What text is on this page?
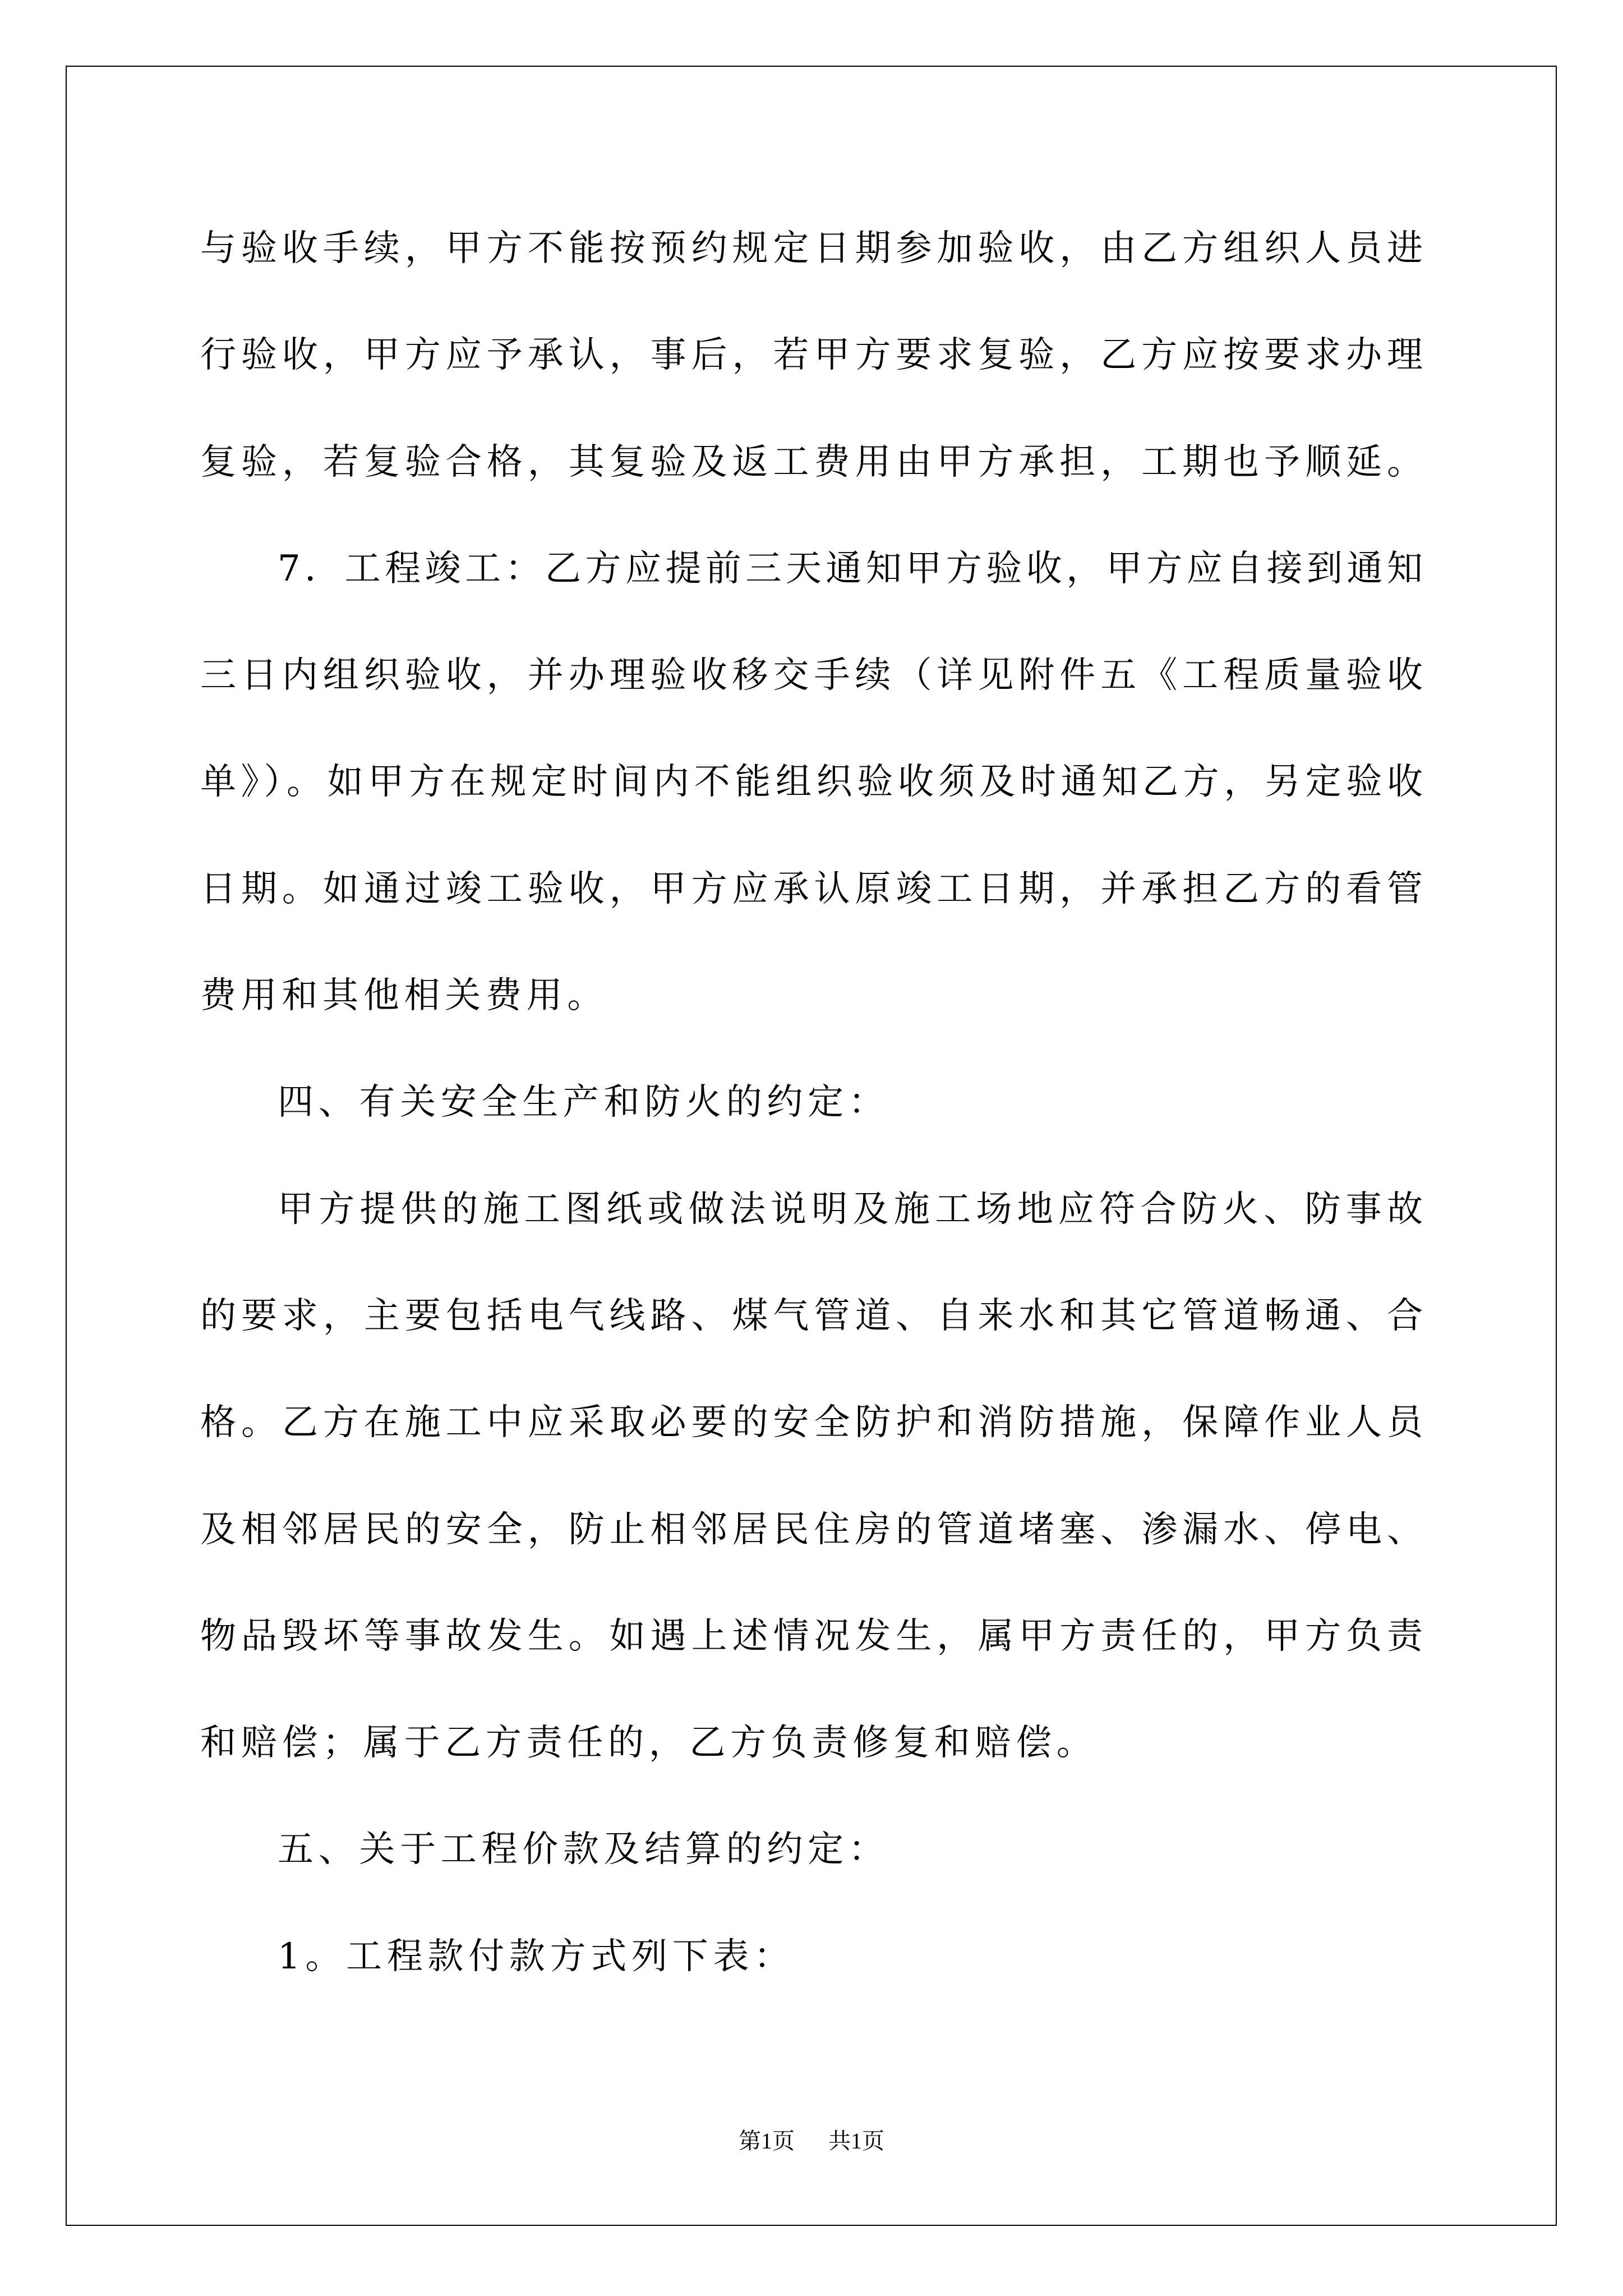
与验收手续，甲方不能按预约规定日期参加验收，由乙方组织人员进
行验收，甲方应予承认，事后，若甲方要求复验，乙方应按要求办理
复验，若复验合格，其复验及返工费用由甲方承担，工期也予顺延。
7．工程竣工：乙方应提前三天通知甲方验收，甲方应自接到通知
三日内组织验收，并办理验收移交手续（详见附件五《工程质量验收
单》）。如甲方在规定时间内不能组织验收须及时通知乙方，另定验收
日期。如通过竣工验收，甲方应承认原竣工日期，并承担乙方的看管
费用和其他相关费用。
四、有关安全生产和防火的约定：
甲方提供的施工图纸或做法说明及施工场地应符合防火、防事故
的要求，主要包括电气线路、煤气管道、自来水和其它管道畅通、合
格。乙方在施工中应采取必要的安全防护和消防措施，保障作业人员
及相邻居民的安全，防止相邻居民住房的管道堵塞、渗漏水、停电、
物品毁坏等事故发生。如遇上述情况发生，属甲方责任的，甲方负责
和赔偿；属于乙方责任的，乙方负责修复和赔偿。
五、关于工程价款及结算的约定：
1。工程款付款方式列下表：
第1页 共1页
